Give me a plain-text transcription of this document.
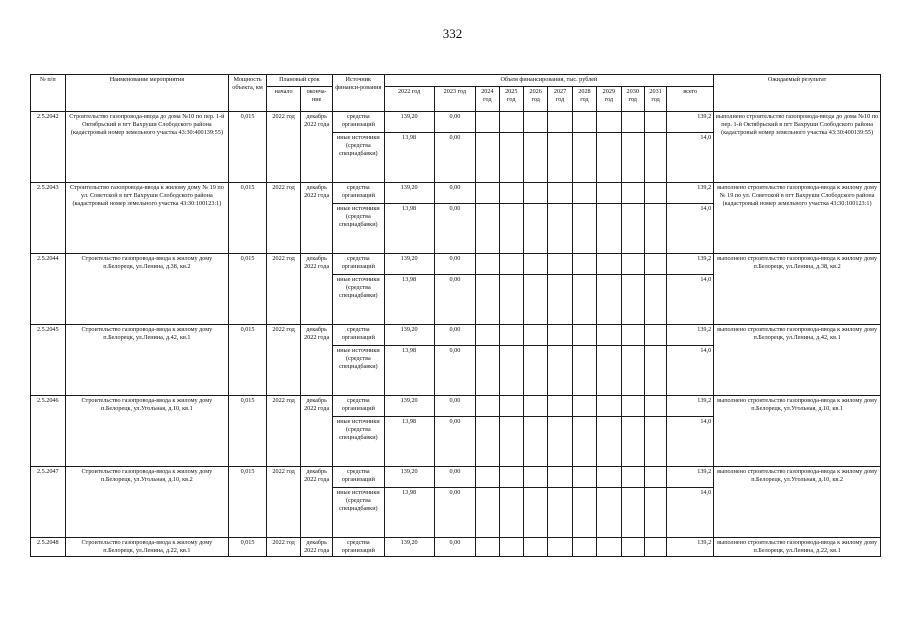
332
№ п/п	Наименование мероприятия	Мощность объекта, км	Плановый срок		Источник финанси-рования	Объем финансирования, тыс. рублей											Ожидаемый результат
			начало	оконча-ние		2022 год	2023 год	2024 год	2025 год	2026 год	2027 год	2028 год	2029 год	2030 год	2031 год	всего	
2.5.2042	Строительство газопровода-ввода до дома №10 по пер. 1-й Октябрьский в пгт Вахруши Слободского района (кадастровый номер земельного участка 43:30:400139:55)	0,015	2022 год	декабрь 2022 года	средства организаций	139,20	0,00									139,2	выполнено строительство газопровода-ввода до дома №10 по пер. 1-й Октябрьский в пгт Вахруши Слободского района (кадастровый номер земельного участка 43:30:400139:55)
					иные источники (средства спецнадбавки)	13,98	0,00									14,0	
2.5.2043	Строительство газопровода-ввода к жилому дому № 19 по ул. Советской в пгт Вахруши Слободского района (кадастровый номер земельного участка 43:30:100123:1)	0,015	2022 год	декабрь 2022 года	средства организаций	139,20	0,00									139,2	выполнено строительство газопровода-ввода к жилому дому № 19 по ул. Советской в пгт Вахруши Слободского района (кадастровый номер земельного участка 43:30:100123:1)
					иные источники (средства спецнадбавки)	13,98	0,00									14,0	
2.5.2044	Строительство газопровода-ввода к жилому дому п.Белорецк, ул.Ленина, д.38, кв.2	0,015	2022 год	декабрь 2022 года	средства организаций	139,20	0,00									139,2	выполнено строительство газопровода-ввода к жилому дому п.Белорецк, ул.Ленина, д.38, кв.2
					иные источники (средства спецнадбавки)	13,98	0,00									14,0	
2.5.2045	Строительство газопровода-ввода к жилому дому п.Белорецк, ул.Ленина, д.42, кв.1	0,015	2022 год	декабрь 2022 года	средства организаций	139,20	0,00									139,2	выполнено строительство газопровода-ввода к жилому дому п.Белорецк, ул.Ленина, д.42, кв.1
					иные источники (средства спецнадбавки)	13,98	0,00									14,0	
2.5.2046	Строительство газопровода-ввода к жилому дому п.Белорецк, ул.Угольная, д.10, кв.1	0,015	2022 год	декабрь 2022 года	средства организаций	139,20	0,00									139,2	выполнено строительство газопровода-ввода к жилому дому п.Белорецк, ул.Угольная, д.10, кв.1
					иные источники (средства спецнадбавки)	13,98	0,00									14,0	
2.5.2047	Строительство газопровода-ввода к жилому дому п.Белорецк, ул.Угольная, д.10, кв.2	0,015	2022 год	декабрь 2022 года	средства организаций	139,20	0,00									139,2	выполнено строительство газопровода-ввода к жилому дому п.Белорецк, ул.Угольная, д.10, кв.2
					иные источники (средства спецнадбавки)	13,98	0,00									14,0	
2.5.2048	Строительство газопровода-ввода к жилому дому п.Белорецк, ул.Ленина, д.22, кв.1	0,015	2022 год	декабрь 2022 года	средства организаций	139,20	0,00									139,2	выполнено строительство газопровода-ввода к жилому дому п.Белорецк, ул.Ленина, д.22, кв.1
